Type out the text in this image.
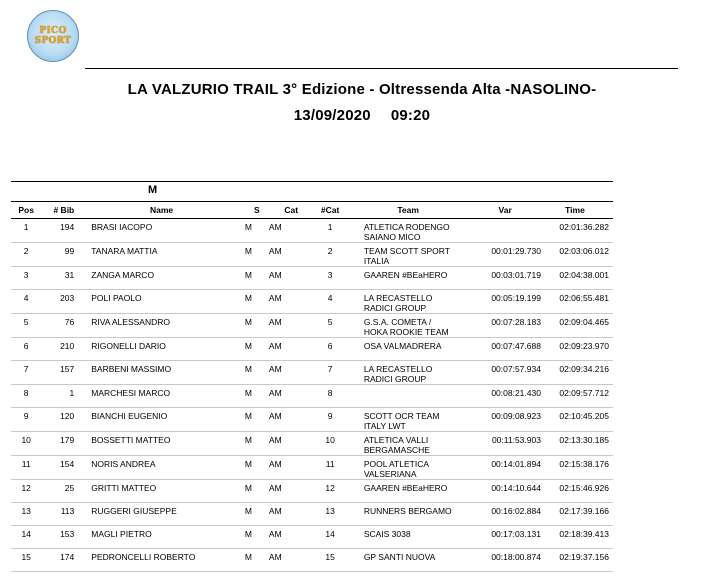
PICO
SPORT
LA VALZURIO TRAIL 3° Edizione - Oltressenda Alta -NASOLINO-
13/09/2020 09:20
M
Pos	# Bib	Name	S	Cat	#Cat	Team	Var	Time

1	194	BRASI IACOPO	M	AM	1	ATLETICA RODENGO
SAIANO MICO		02:01:36.282

2	99	TANARA MATTIA	M	AM	2	TEAM SCOTT SPORT
ITALIA	00:01:29.730	02:03:06.012

3	31	ZANGA MARCO	M	AM	3	GAAREN #BEaHERO	00:03:01.719	02:04:38.001

4	203	POLI PAOLO	M	AM	4	LA RECASTELLO
RADICI GROUP	00:05:19.199	02:06:55.481

5	76	RIVA ALESSANDRO	M	AM	5	G.S.A. COMETA /
HOKA ROOKIE TEAM	00:07:28.183	02:09:04.465

6	210	RIGONELLI DARIO	M	AM	6	OSA VALMADRERA	00:07:47.688	02:09:23.970

7	157	BARBENI MASSIMO	M	AM	7	LA RECASTELLO
RADICI GROUP	00:07:57.934	02:09:34.216

8	1	MARCHESI MARCO	M	AM	8		00:08:21.430	02:09:57.712

9	120	BIANCHI EUGENIO	M	AM	9	SCOTT OCR TEAM
ITALY LWT	00:09:08.923	02:10:45.205

10	179	BOSSETTI MATTEO	M	AM	10	ATLETICA VALLI
BERGAMASCHE	00:11:53.903	02:13:30.185

11	154	NORIS ANDREA	M	AM	11	POOL ATLETICA
VALSERIANA	00:14:01.894	02:15:38.176

12	25	GRITTI MATTEO	M	AM	12	GAAREN #BEaHERO	00:14:10.644	02:15:46.926

13	113	RUGGERI GIUSEPPE	M	AM	13	RUNNERS BERGAMO	00:16:02.884	02:17:39.166

14	153	MAGLI PIETRO	M	AM	14	SCAIS 3038	00:17:03.131	02:18:39.413

15	174	PEDRONCELLI ROBERTO	M	AM	15	GP SANTI NUOVA	00:18:00.874	02:19:37.156
